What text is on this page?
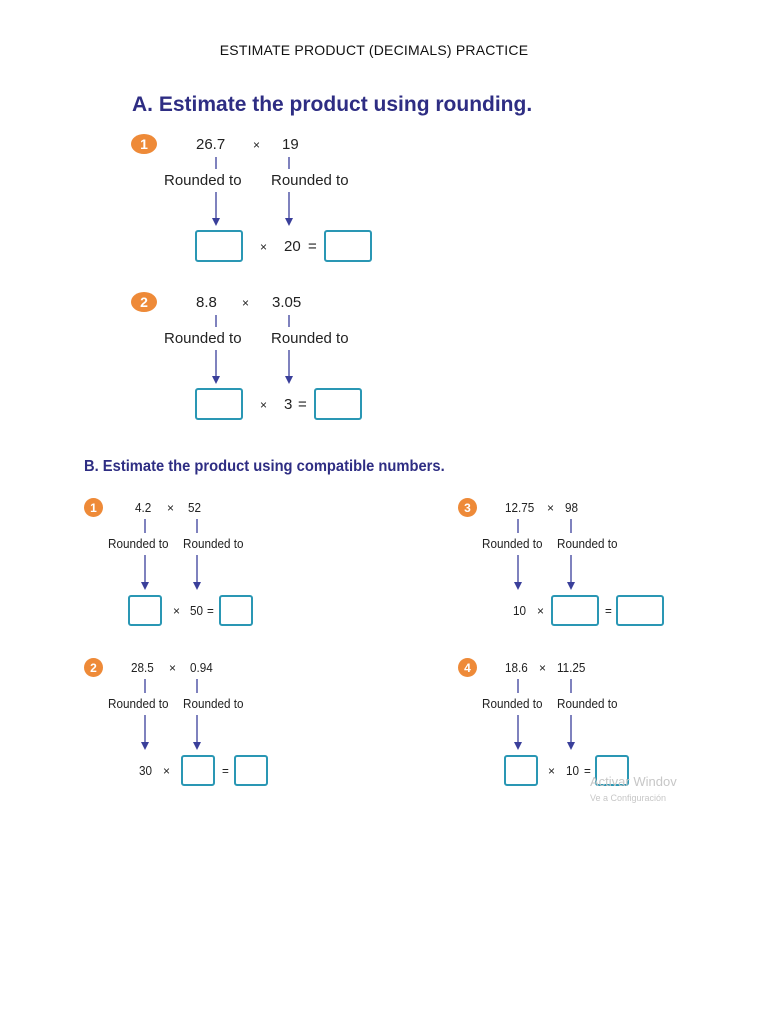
ESTIMATE PRODUCT (DECIMALS) PRACTICE
A. Estimate the product using rounding.
1	26.7 × 19
Rounded to Rounded to
× 20 =
2	8.8 × 3.05
Rounded to Rounded to
× 3 =
B. Estimate the product using compatible numbers.
1	4.2 × 52
Rounded to Rounded to
× 50 =
2	28.5 × 0.94
Rounded to Rounded to
30 ×	=
3	12.75 × 98
Rounded to Rounded to
10 ×	=
4	18.6 × 11.25
Rounded to Rounded to
× 10 =
Activar Windov
Ve a Configuración
